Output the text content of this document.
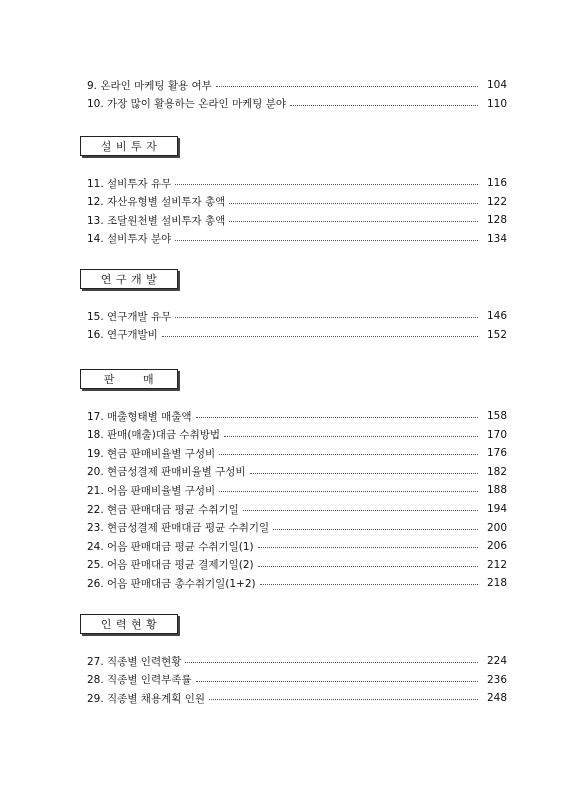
9. 온라인 마케팅 활용 여부	104
10. 가장 많이 활용하는 온라인 마케팅 분야	110
설 비 투 자
11. 설비투자 유무	116
12. 자산유형별 설비투자 총액	122
13. 조달원천별 설비투자 총액	128
14. 설비투자 분야	134
연 구 개 발
15. 연구개발 유무	146
16. 연구개발비	152
판       매
17. 매출형태별 매출액	158
18. 판매(매출)대금 수취방법	170
19. 현금 판매비율별 구성비	176
20. 현금성결제 판매비율별 구성비	182
21. 어음 판매비율별 구성비	188
22. 현금 판매대금 평균 수취기일	194
23. 현금성결제 판매대금 평균 수취기일	200
24. 어음 판매대금 평균 수취기일(1)	206
25. 어음 판매대금 평균 결제기일(2)	212
26. 어음 판매대금 총수취기일(1+2)	218
인 력 현 황
27. 직종별 인력현황	224
28. 직종별 인력부족률	236
29. 직종별 채용계획 인원	248
